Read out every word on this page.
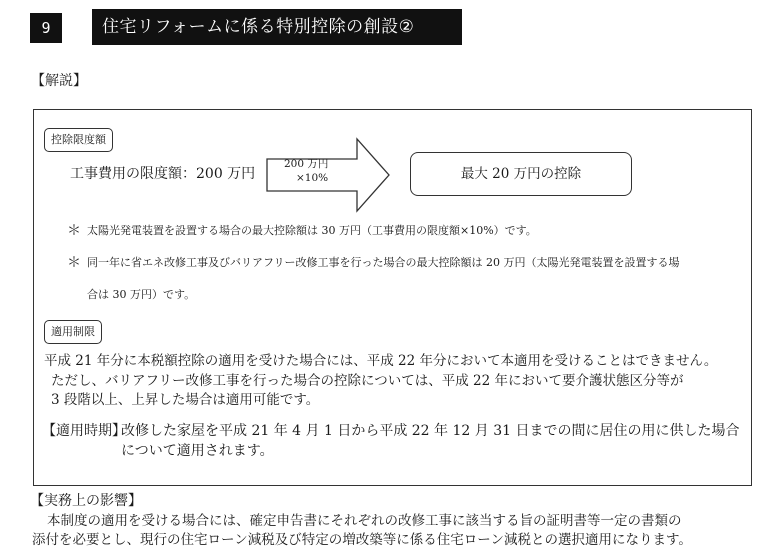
9	住宅リフォームに係る特別控除の創設②
【解説】
控除限度額
工事費用の限度額：200 万円
200 万円
×10%	最大 20 万円の控除
＊ 太陽光発電装置を設置する場合の最大控除額は 30 万円（工事費用の限度額×10%）です。
＊ 同一年に省エネ改修工事及びバリアフリー改修工事を行った場合の最大控除額は 20 万円（太陽光発電装置を設置する場
合は 30 万円）です。
適用制限
平成 21 年分に本税額控除の適用を受けた場合には、平成 22 年分において本適用を受けることはできません。
ただし、バリアフリー改修工事を行った場合の控除については、平成 22 年において要介護状態区分等が
3 段階以上、上昇した場合は適用可能です。
【適用時期】
改修した家屋を平成 21 年 4 月 1 日から平成 22 年 12 月 31 日までの間に居住の用に供した場合
について適用されます。
【実務上の影響】
本制度の適用を受ける場合には、確定申告書にそれぞれの改修工事に該当する旨の証明書等一定の書類の
添付を必要とし、現行の住宅ローン減税及び特定の増改築等に係る住宅ローン減税との選択適用になります。
